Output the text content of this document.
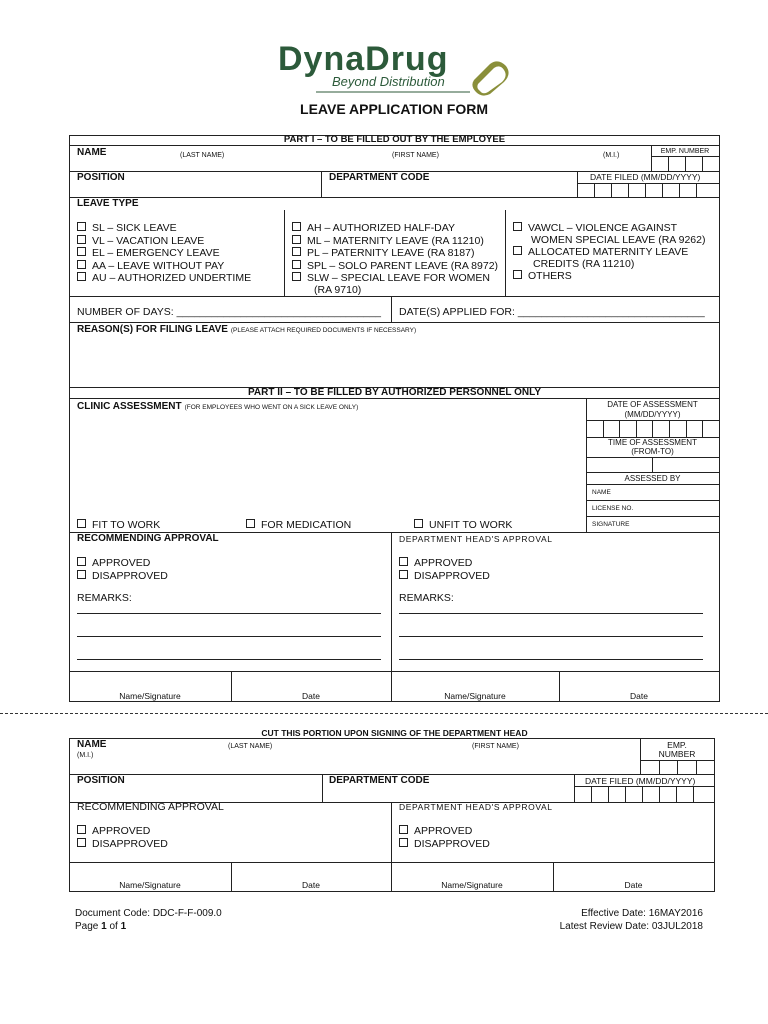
DynaDrug
Beyond Distribution
LEAVE APPLICATION FORM
PART I – TO BE FILLED OUT BY THE EMPLOYEE
NAME	(LAST NAME)	(FIRST NAME)	(M.I.)
EMP. NUMBER
POSITION	DEPARTMENT CODE	DATE FILED (MM/DD/YYYY)
LEAVE TYPE
SL – SICK LEAVE
VL – VACATION LEAVE
EL – EMERGENCY LEAVE
AA – LEAVE WITHOUT PAY
AU – AUTHORIZED UNDERTIME
AH – AUTHORIZED HALF-DAY
ML – MATERNITY LEAVE (RA 11210)
PL – PATERNITY LEAVE (RA 8187)
SPL – SOLO PARENT LEAVE (RA 8972)
SLW – SPECIAL LEAVE FOR WOMEN
(RA 9710)
VAWCL – VIOLENCE AGAINST
WOMEN SPECIAL LEAVE (RA 9262)
ALLOCATED MATERNITY LEAVE
CREDITS (RA 11210)
OTHERS
NUMBER OF DAYS: ___________________________________ DATE(S) APPLIED FOR: ________________________________
REASON(S) FOR FILING LEAVE (PLEASE ATTACH REQUIRED DOCUMENTS IF NECESSARY)
PART II – TO BE FILLED BY AUTHORIZED PERSONNEL ONLY
CLINIC ASSESSMENT (FOR EMPLOYEES WHO WENT ON A SICK LEAVE ONLY)	DATE OF ASSESSMENT
(MM/DD/YYYY)
TIME OF ASSESSMENT
(FROM-TO)
ASSESSED BY
NAME
LICENSE NO.
SIGNATURE
FIT TO WORK	FOR MEDICATION	UNFIT TO WORK
RECOMMENDING APPROVAL	DEPARTMENT HEAD'S APPROVAL
APPROVED
DISAPPROVED
APPROVED
DISAPPROVED
REMARKS:	REMARKS:
Name/Signature	Date	Name/Signature	Date
CUT THIS PORTION UPON SIGNING OF THE DEPARTMENT HEAD
NAME
(M.I.)
(LAST NAME)	(FIRST NAME)	EMP.
NUMBER
POSITION	DEPARTMENT CODE	DATE FILED (MM/DD/YYYY)
RECOMMENDING APPROVAL	DEPARTMENT HEAD'S APPROVAL
APPROVED
DISAPPROVED
APPROVED
DISAPPROVED
Name/Signature	Date	Name/Signature	Date
Document Code: DDC-F-F-009.0
Page 1 of 1
Effective Date: 16MAY2016
Latest Review Date: 03JUL2018
